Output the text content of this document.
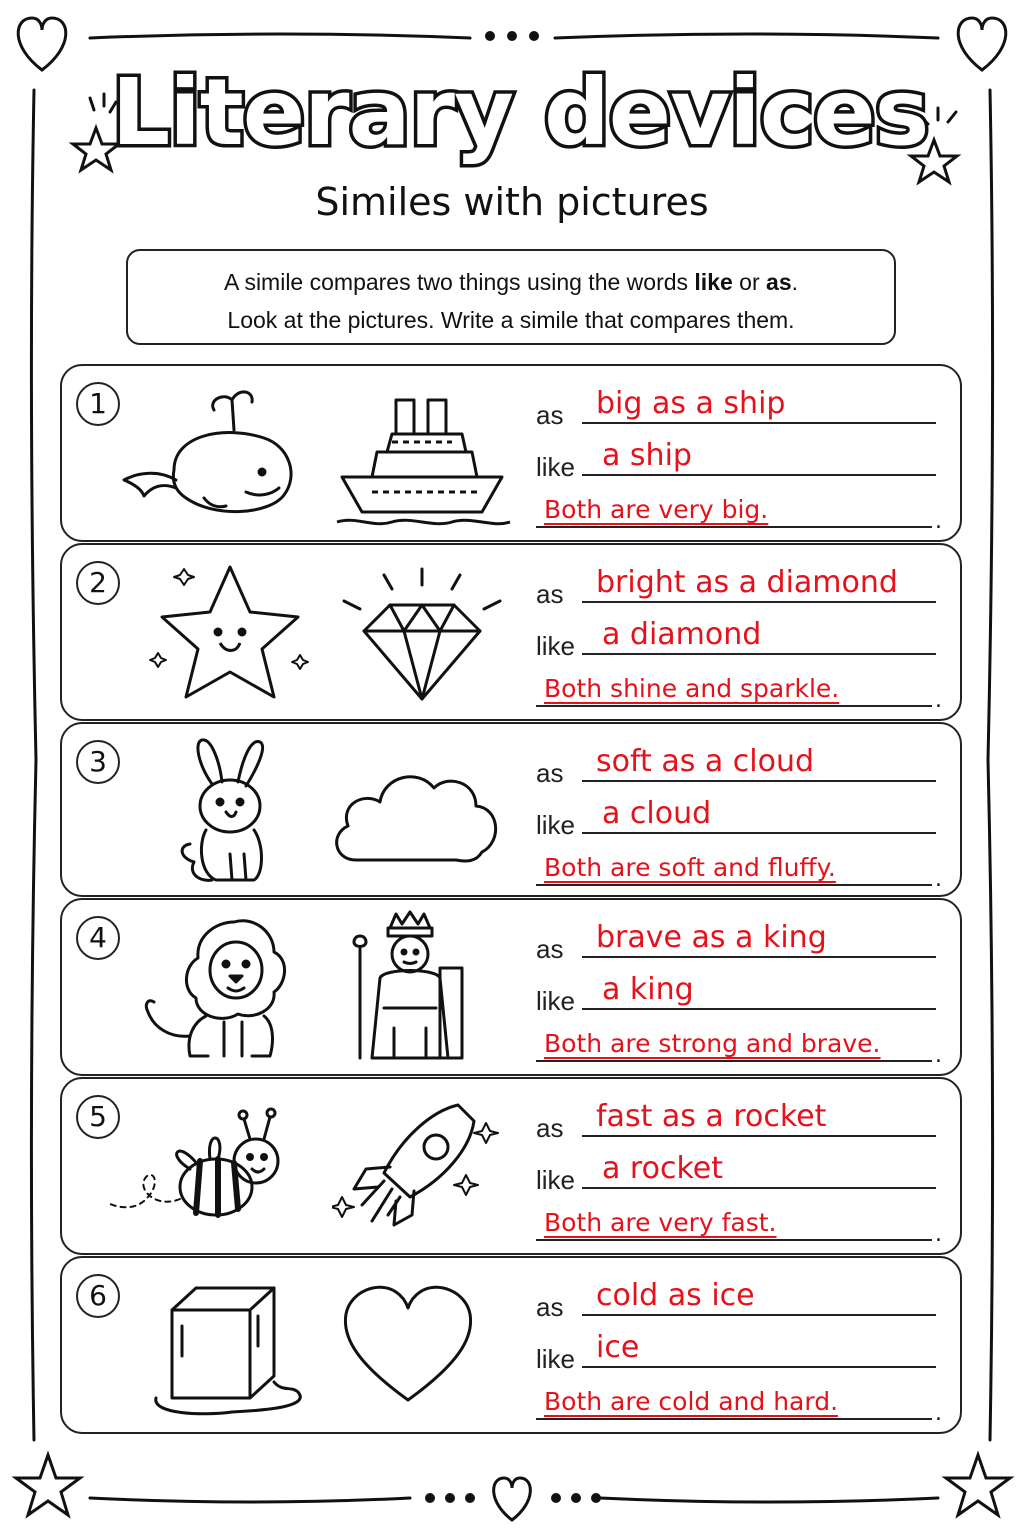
Literary devices
Similes with pictures
A simile compares two things using the words like or as.
Look at the pictures. Write a simile that compares them.
1	as big as a ship
like a ship
Both are very big.	.
2	as bright as a diamond
like a diamond
Both shine and sparkle.	.
3	as soft as a cloud
like a cloud
Both are soft and fluffy.	.
4	as brave as a king
like a king
Both are strong and brave. .
5	as fast as a rocket
like a rocket
Both are very fast.	.
6	as cold as ice
like ice
Both are cold and hard.	.
